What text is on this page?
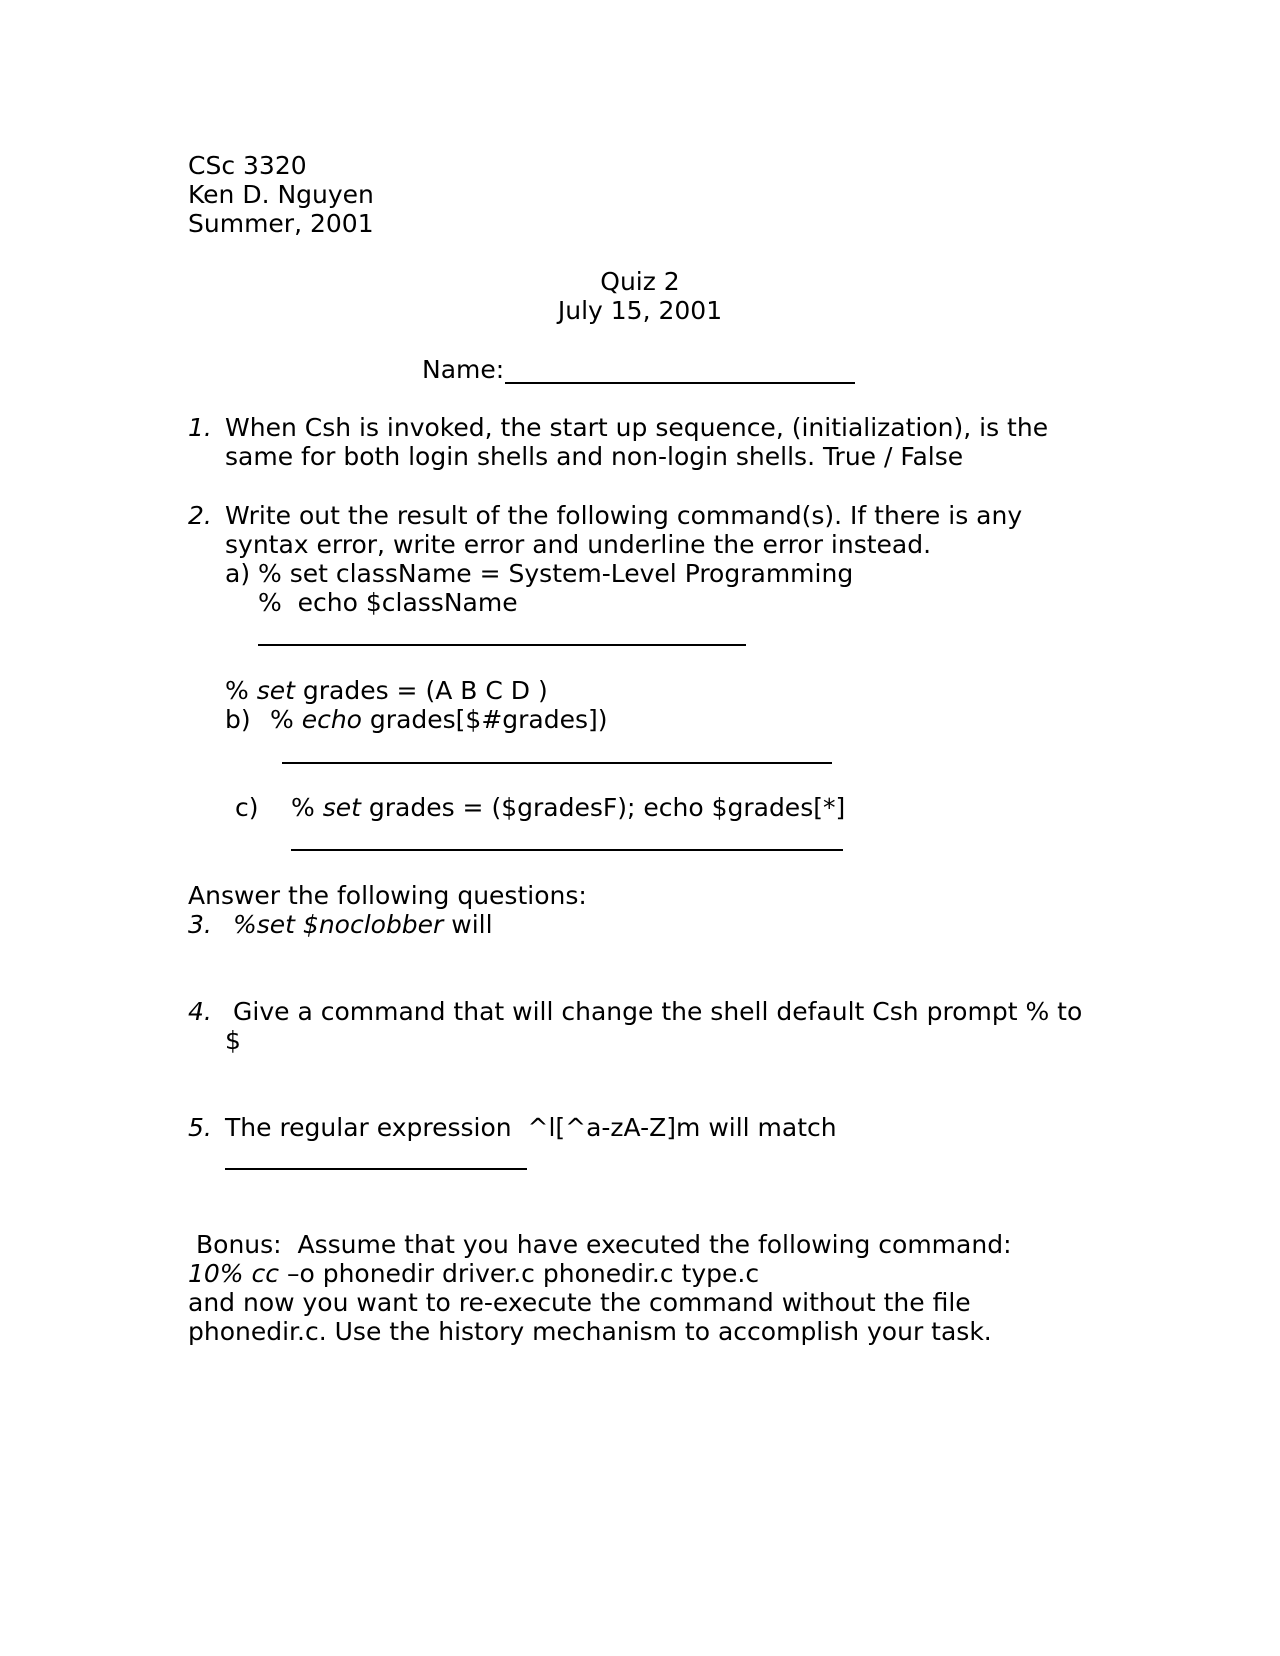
CSc 3320
Ken D. Nguyen
Summer, 2001
Quiz 2
July 15, 2001
Name:
1. When Csh is invoked, the start up sequence, (initialization), is the
same for both login shells and non-login shells. True / False
2. Write out the result of the following command(s). If there is any
syntax error, write error and underline the error instead.
a) % set className = System-Level Programming
%  echo $className
% set grades = (A B C D )
b) % echo grades[$#grades])
c) % set grades = ($gradesF); echo $grades[*]
Answer the following questions:
3. %set $noclobber will
4. Give a command that will change the shell default Csh prompt % to
$
5. The regular expression  ^l[^a-zA-Z]m will match
Bonus:  Assume that you have executed the following command:
10% cc –o phonedir driver.c phonedir.c type.c
and now you want to re-execute the command without the file
phonedir.c. Use the history mechanism to accomplish your task.
